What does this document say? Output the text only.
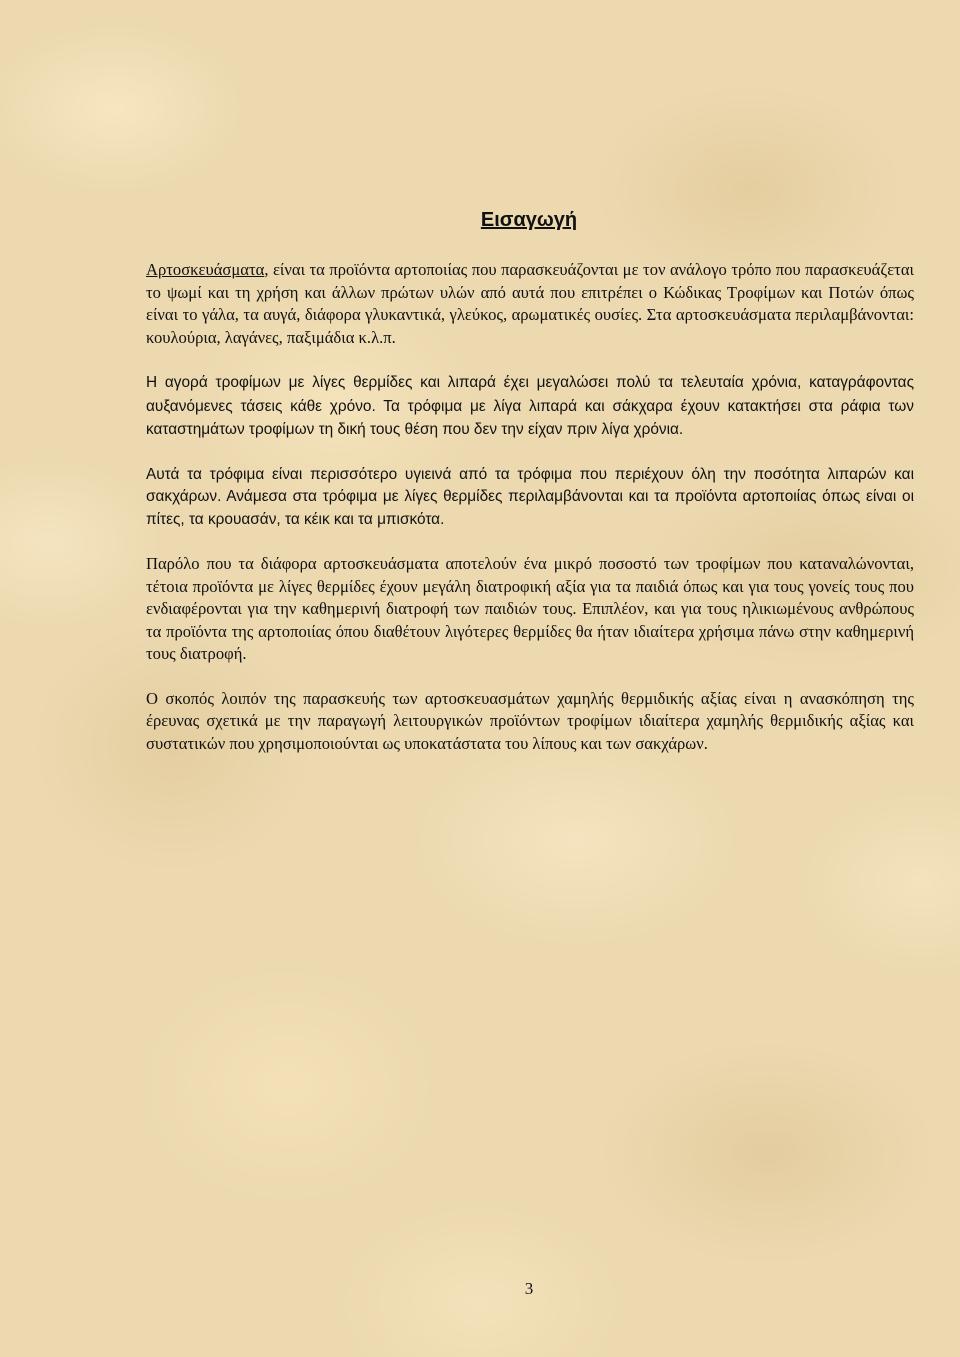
Εισαγωγή

Αρτοσκευάσματα, είναι τα προϊόντα αρτοποιίας που παρασκευάζονται με τον ανάλογο τρόπο που παρασκευάζεται το ψωμί και τη χρήση και άλλων πρώτων υλών από αυτά που επιτρέπει ο Κώδικας Τροφίμων και Ποτών όπως είναι το γάλα, τα αυγά, διάφορα γλυκαντικά, γλεύκος, αρωματικές ουσίες. Στα αρτοσκευάσματα περιλαμβάνονται: κουλούρια, λαγάνες, παξιμάδια κ.λ.π.

Η αγορά τροφίμων με λίγες θερμίδες και λιπαρά έχει μεγαλώσει πολύ τα τελευταία χρόνια, καταγράφοντας αυξανόμενες τάσεις κάθε χρόνο. Τα τρόφιμα με λίγα λιπαρά και σάκχαρα έχουν κατακτήσει στα ράφια των καταστημάτων τροφίμων τη δική τους θέση που δεν την είχαν πριν λίγα χρόνια.

Αυτά τα τρόφιμα είναι περισσότερο υγιεινά από τα τρόφιμα που περιέχουν όλη την ποσότητα λιπαρών και σακχάρων. Ανάμεσα στα τρόφιμα με λίγες θερμίδες περιλαμβάνονται και τα προϊόντα αρτοποιίας όπως είναι οι πίτες, τα κρουασάν, τα κέικ και τα μπισκότα.

Παρόλο που τα διάφορα αρτοσκευάσματα αποτελούν ένα μικρό ποσοστό των τροφίμων που καταναλώνονται, τέτοια προϊόντα με λίγες θερμίδες έχουν μεγάλη διατροφική αξία για τα παιδιά όπως και για τους γονείς τους που ενδιαφέρονται για την καθημερινή διατροφή των παιδιών τους. Επιπλέον, και για τους ηλικιωμένους ανθρώπους τα προϊόντα της αρτοποιίας όπου διαθέτουν λιγότερες θερμίδες θα ήταν ιδιαίτερα χρήσιμα πάνω στην καθημερινή τους διατροφή.

Ο σκοπός λοιπόν της παρασκευής των αρτοσκευασμάτων χαμηλής θερμιδικής αξίας είναι η ανασκόπηση της έρευνας σχετικά με την παραγωγή λειτουργικών προϊόντων τροφίμων ιδιαίτερα χαμηλής θερμιδικής αξίας και συστατικών που χρησιμοποιούνται ως υποκατάστατα του λίπους και των σακχάρων.

3
